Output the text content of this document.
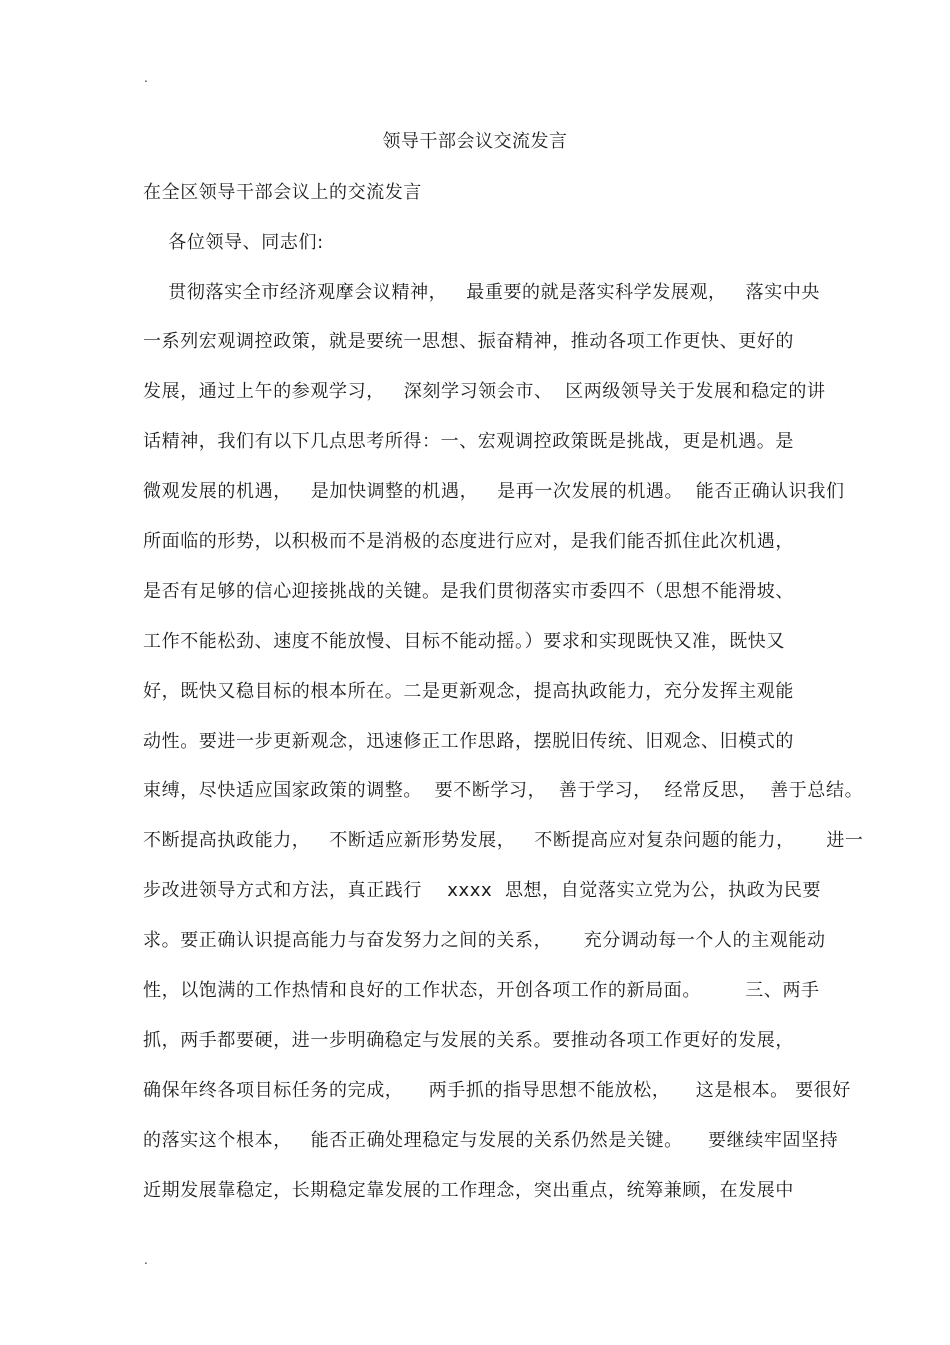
.
领导干部会议交流发言
在全区领导干部会议上的交流发言
各位领导、同志们:
贯彻落实全市经济观摩会议精神，   最重要的就是落实科学发展观，   落实中央
一系列宏观调控政策，就是要统一思想、振奋精神，推动各项工作更快、更好的
发展，通过上午的参观学习，   深刻学习领会市、  区两级领导关于发展和稳定的讲
话精神，我们有以下几点思考所得：一、宏观调控政策既是挑战，更是机遇。是
微观发展的机遇，   是加快调整的机遇，   是再一次发展的机遇。  能否正确认识我们
所面临的形势，以积极而不是消极的态度进行应对，是我们能否抓住此次机遇，
是否有足够的信心迎接挑战的关键。是我们贯彻落实市委四不（思想不能滑坡、
工作不能松劲、速度不能放慢、目标不能动摇。）要求和实现既快又准，既快又
好，既快又稳目标的根本所在。二是更新观念，提高执政能力，充分发挥主观能
动性。要进一步更新观念，迅速修正工作思路，摆脱旧传统、旧观念、旧模式的
束缚，尽快适应国家政策的调整。  要不断学习，  善于学习，  经常反思，  善于总结。
不断提高执政能力，   不断适应新形势发展，   不断提高应对复杂问题的能力，     进一
步改进领导方式和方法，真正践行    xxxx  思想，自觉落实立党为公，执政为民要
求。要正确认识提高能力与奋发努力之间的关系，     充分调动每一个人的主观能动
性，以饱满的工作热情和良好的工作状态，开创各项工作的新局面。       三、两手
抓，两手都要硬，进一步明确稳定与发展的关系。要推动各项工作更好的发展，
确保年终各项目标任务的完成，    两手抓的指导思想不能放松，    这是根本。 要很好
的落实这个根本，   能否正确处理稳定与发展的关系仍然是关键。    要继续牢固坚持
近期发展靠稳定，长期稳定靠发展的工作理念，突出重点，统筹兼顾，在发展中
.
